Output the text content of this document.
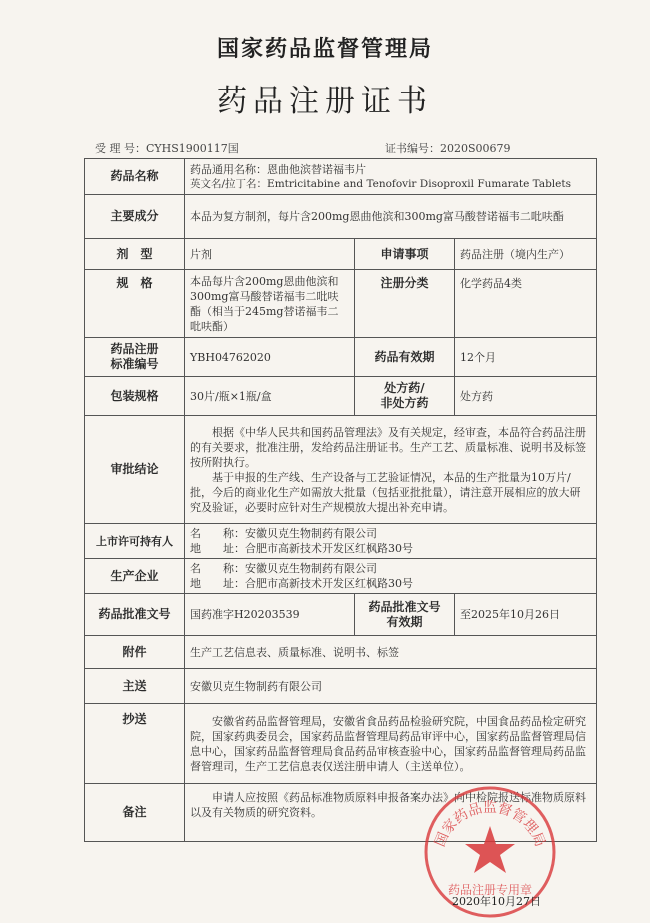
国家药品监督管理局
药品注册证书
受 理 号：CYHS1900117国	证书编号：2020S00679
药品名称	药品通用名称：恩曲他滨替诺福韦片
英文名/拉丁名：Emtricitabine and Tenofovir Disoproxil Fumarate Tablets		

主要成分	本品为复方制剂，每片含200mg恩曲他滨和300mg富马酸替诺福韦二吡呋酯		
剂　型	片剂	申请事项	药品注册（境内生产）
规　格	本品每片含200mg恩曲他滨和300mg富马酸替诺福韦二吡呋酯（相当于245mg替诺福韦二吡呋酯）	注册分类	化学药品4类

药品注册
标准编号	YBH04762020	药品有效期	12个月
包装规格	30片/瓶×1瓶/盒	处方药/
非处方药	处方药
审批结论	根据《中华人民共和国药品管理法》及有关规定，经审查，本品符合药品注册的有关要求，批准注册，发给药品注册证书。生产工艺、质量标准、说明书及标签按所附执行。

基于申报的生产线、生产设备与工艺验证情况，本品的生产批量为10万片/批，今后的商业化生产如需放大批量（包括亚批批量），请注意开展相应的放大研究及验证，必要时应针对生产规模放大提出补充申请。		

上市许可持有人	名　　称：安徽贝克生物制药有限公司
地　　址：合肥市高新技术开发区红枫路30号		

生产企业	名　　称：安徽贝克生物制药有限公司
地　　址：合肥市高新技术开发区红枫路30号		

药品批准文号	国药准字H20203539	药品批准文号
有效期	至2025年10月26日
附件	生产工艺信息表、质量标准、说明书、标签		
主送	安徽贝克生物制药有限公司		
抄送	安徽省药品监督管理局，安徽省食品药品检验研究院，中国食品药品检定研究院，国家药典委员会，国家药品监督管理局药品审评中心，国家药品监督管理局信息中心，国家药品监督管理局食品药品审核查验中心，国家药品监督管理局药品监督管理司，生产工艺信息表仅送注册申请人（主送单位）。		
备注	申请人应按照《药品标准物质原料申报备案办法》向中检院报送标准物质原料以及有关物质的研究资料。		
国家药品监督管理局
药品注册专用章
2020年10月27日
